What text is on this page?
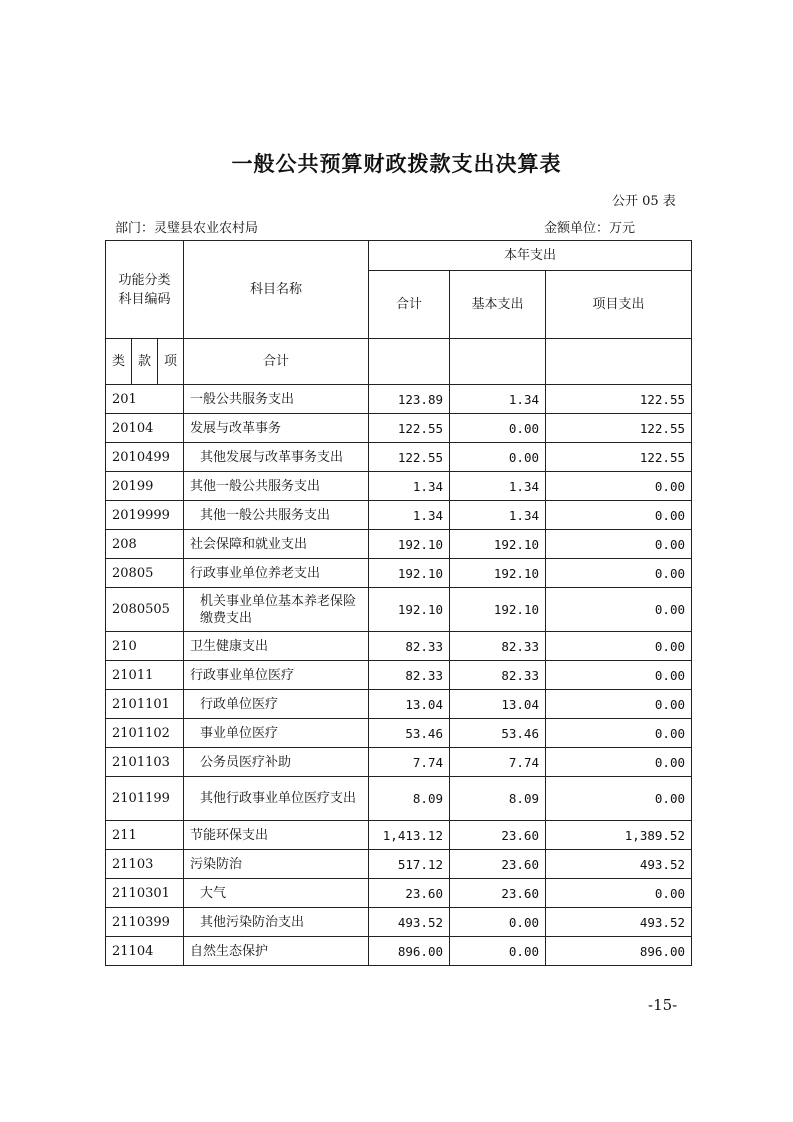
一般公共预算财政拨款支出决算表
公开 05 表
部门：灵璧县农业农村局	金额单位：万元
功能分类
科目编码			科目名称	本年支出		
				合计	基本支出	项目支出
类	款	项	合计			
201			一般公共服务支出	123.89	1.34	122.55
20104			发展与改革事务	122.55	0.00	122.55
2010499			其他发展与改革事务支出	122.55	0.00	122.55
20199			其他一般公共服务支出	1.34	1.34	0.00
2019999			其他一般公共服务支出	1.34	1.34	0.00
208			社会保障和就业支出	192.10	192.10	0.00
20805			行政事业单位养老支出	192.10	192.10	0.00
2080505			机关事业单位基本养老保险缴费支出	192.10	192.10	0.00
210			卫生健康支出	82.33	82.33	0.00
21011			行政事业单位医疗	82.33	82.33	0.00
2101101			行政单位医疗	13.04	13.04	0.00
2101102			事业单位医疗	53.46	53.46	0.00
2101103			公务员医疗补助	7.74	7.74	0.00
2101199			其他行政事业单位医疗支出	8.09	8.09	0.00
211			节能环保支出	1,413.12	23.60	1,389.52
21103			污染防治	517.12	23.60	493.52
2110301			大气	23.60	23.60	0.00
2110399			其他污染防治支出	493.52	0.00	493.52
21104			自然生态保护	896.00	0.00	896.00
-15-
